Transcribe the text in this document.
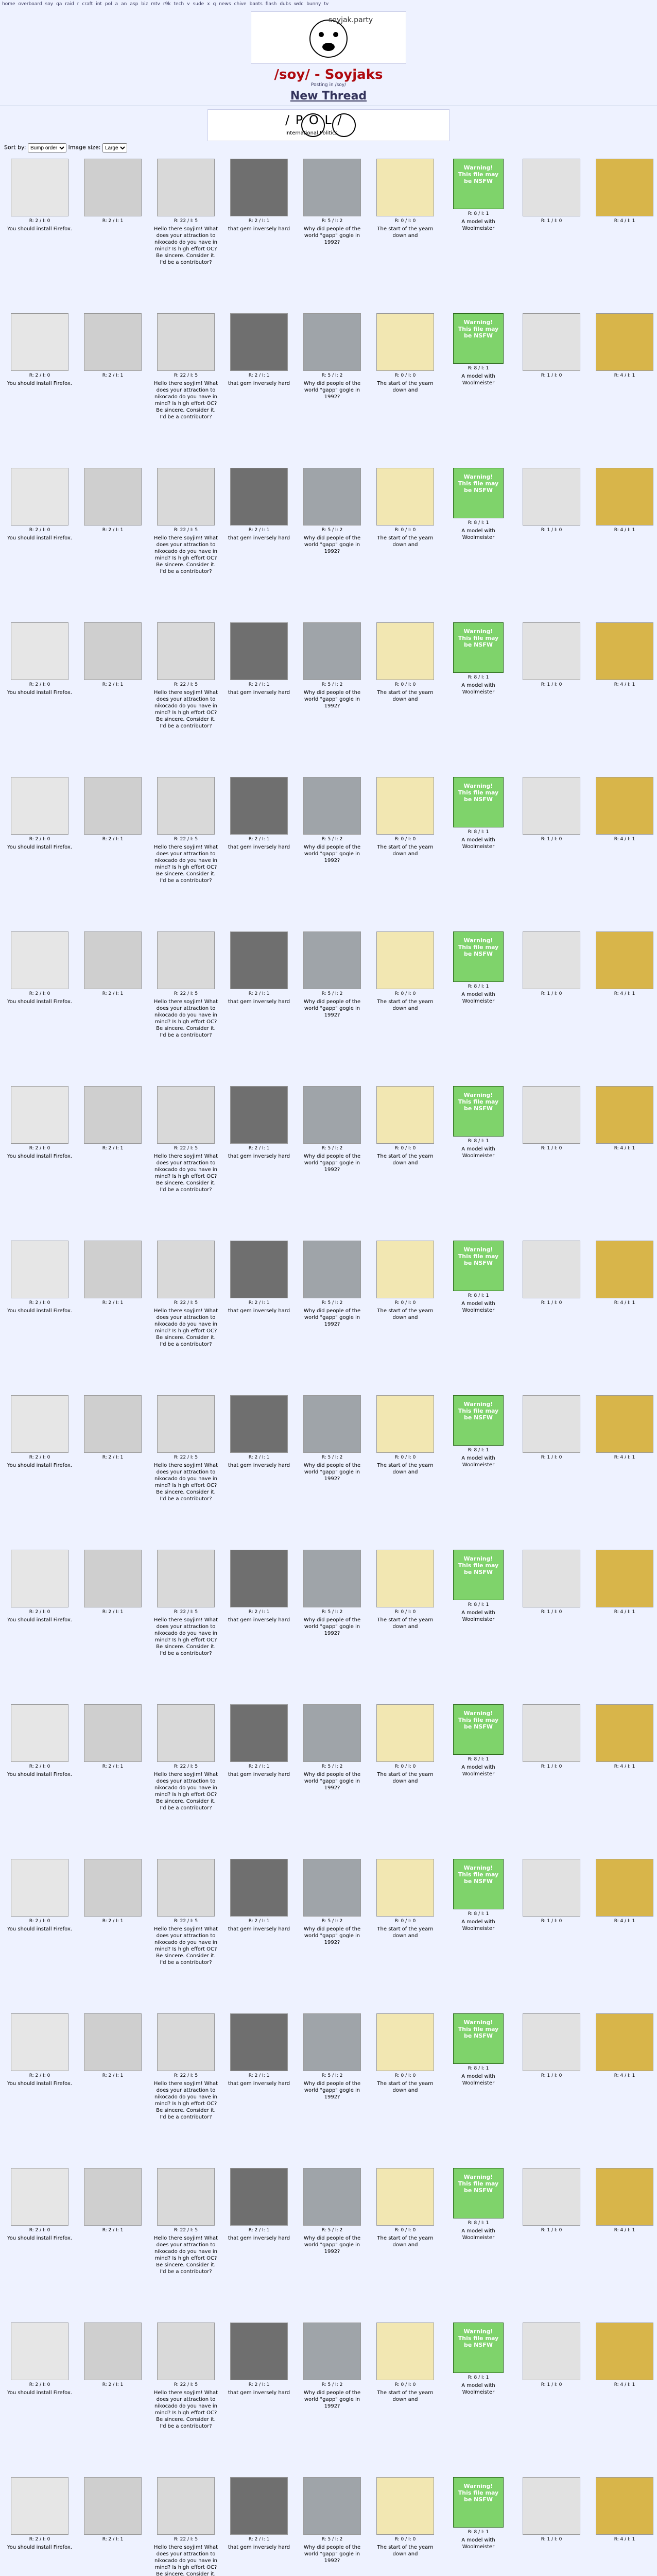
home overboard soy qa raid r craft int pol a an asp biz mtv r9k tech v sude x q news chive bants fiash dubs wdc bunny tv
soyjak.party
/soy/ - Soyjaks
Posting in /soy/
New Thread
/ P O L /
International Politics
Sort by:
Bump order	Image size:
Large
R: 2 / I: 0
You should install Firefox.
R: 2 / I: 1	R: 22 / I: 5
Hello there soyjim! What does your attraction to nikocado do you have in mind? Is high effort OC? Be sincere. Consider it. I'd be a contributor?
R: 2 / I: 1
that gem inversely hard
R: 5 / I: 2
Why did people of the world "gapp" gogle in 1992?
R: 0 / I: 0
The start of the yearn down and
Warning!
This file may be NSFW
R: 8 / I: 1
A model with Woolmeister
R: 1 / I: 0	R: 4 / I: 1
R: 2 / I: 0
You should install Firefox.
R: 2 / I: 1	R: 22 / I: 5
Hello there soyjim! What does your attraction to nikocado do you have in mind? Is high effort OC? Be sincere. Consider it. I'd be a contributor?
R: 2 / I: 1
that gem inversely hard
R: 5 / I: 2
Why did people of the world "gapp" gogle in 1992?
R: 0 / I: 0
The start of the yearn down and
Warning!
This file may be NSFW
R: 8 / I: 1
A model with Woolmeister
R: 1 / I: 0	R: 4 / I: 1
R: 2 / I: 0
You should install Firefox.
R: 2 / I: 1	R: 22 / I: 5
Hello there soyjim! What does your attraction to nikocado do you have in mind? Is high effort OC? Be sincere. Consider it. I'd be a contributor?
R: 2 / I: 1
that gem inversely hard
R: 5 / I: 2
Why did people of the world "gapp" gogle in 1992?
R: 0 / I: 0
The start of the yearn down and
Warning!
This file may be NSFW
R: 8 / I: 1
A model with Woolmeister
R: 1 / I: 0	R: 4 / I: 1
R: 2 / I: 0
You should install Firefox.
R: 2 / I: 1	R: 22 / I: 5
Hello there soyjim! What does your attraction to nikocado do you have in mind? Is high effort OC? Be sincere. Consider it. I'd be a contributor?
R: 2 / I: 1
that gem inversely hard
R: 5 / I: 2
Why did people of the world "gapp" gogle in 1992?
R: 0 / I: 0
The start of the yearn down and
Warning!
This file may be NSFW
R: 8 / I: 1
A model with Woolmeister
R: 1 / I: 0	R: 4 / I: 1
R: 2 / I: 0
You should install Firefox.
R: 2 / I: 1	R: 22 / I: 5
Hello there soyjim! What does your attraction to nikocado do you have in mind? Is high effort OC? Be sincere. Consider it. I'd be a contributor?
R: 2 / I: 1
that gem inversely hard
R: 5 / I: 2
Why did people of the world "gapp" gogle in 1992?
R: 0 / I: 0
The start of the yearn down and
Warning!
This file may be NSFW
R: 8 / I: 1
A model with Woolmeister
R: 1 / I: 0	R: 4 / I: 1
R: 2 / I: 0
You should install Firefox.
R: 2 / I: 1	R: 22 / I: 5
Hello there soyjim! What does your attraction to nikocado do you have in mind? Is high effort OC? Be sincere. Consider it. I'd be a contributor?
R: 2 / I: 1
that gem inversely hard
R: 5 / I: 2
Why did people of the world "gapp" gogle in 1992?
R: 0 / I: 0
The start of the yearn down and
Warning!
This file may be NSFW
R: 8 / I: 1
A model with Woolmeister
R: 1 / I: 0	R: 4 / I: 1
R: 2 / I: 0
You should install Firefox.
R: 2 / I: 1	R: 22 / I: 5
Hello there soyjim! What does your attraction to nikocado do you have in mind? Is high effort OC? Be sincere. Consider it. I'd be a contributor?
R: 2 / I: 1
that gem inversely hard
R: 5 / I: 2
Why did people of the world "gapp" gogle in 1992?
R: 0 / I: 0
The start of the yearn down and
Warning!
This file may be NSFW
R: 8 / I: 1
A model with Woolmeister
R: 1 / I: 0	R: 4 / I: 1
R: 2 / I: 0
You should install Firefox.
R: 2 / I: 1	R: 22 / I: 5
Hello there soyjim! What does your attraction to nikocado do you have in mind? Is high effort OC? Be sincere. Consider it. I'd be a contributor?
R: 2 / I: 1
that gem inversely hard
R: 5 / I: 2
Why did people of the world "gapp" gogle in 1992?
R: 0 / I: 0
The start of the yearn down and
Warning!
This file may be NSFW
R: 8 / I: 1
A model with Woolmeister
R: 1 / I: 0	R: 4 / I: 1
R: 2 / I: 0
You should install Firefox.
R: 2 / I: 1	R: 22 / I: 5
Hello there soyjim! What does your attraction to nikocado do you have in mind? Is high effort OC? Be sincere. Consider it. I'd be a contributor?
R: 2 / I: 1
that gem inversely hard
R: 5 / I: 2
Why did people of the world "gapp" gogle in 1992?
R: 0 / I: 0
The start of the yearn down and
Warning!
This file may be NSFW
R: 8 / I: 1
A model with Woolmeister
R: 1 / I: 0	R: 4 / I: 1
R: 2 / I: 0
You should install Firefox.
R: 2 / I: 1	R: 22 / I: 5
Hello there soyjim! What does your attraction to nikocado do you have in mind? Is high effort OC? Be sincere. Consider it. I'd be a contributor?
R: 2 / I: 1
that gem inversely hard
R: 5 / I: 2
Why did people of the world "gapp" gogle in 1992?
R: 0 / I: 0
The start of the yearn down and
Warning!
This file may be NSFW
R: 8 / I: 1
A model with Woolmeister
R: 1 / I: 0	R: 4 / I: 1
R: 2 / I: 0
You should install Firefox.
R: 2 / I: 1	R: 22 / I: 5
Hello there soyjim! What does your attraction to nikocado do you have in mind? Is high effort OC? Be sincere. Consider it. I'd be a contributor?
R: 2 / I: 1
that gem inversely hard
R: 5 / I: 2
Why did people of the world "gapp" gogle in 1992?
R: 0 / I: 0
The start of the yearn down and
Warning!
This file may be NSFW
R: 8 / I: 1
A model with Woolmeister
R: 1 / I: 0	R: 4 / I: 1
R: 2 / I: 0
You should install Firefox.
R: 2 / I: 1	R: 22 / I: 5
Hello there soyjim! What does your attraction to nikocado do you have in mind? Is high effort OC? Be sincere. Consider it. I'd be a contributor?
R: 2 / I: 1
that gem inversely hard
R: 5 / I: 2
Why did people of the world "gapp" gogle in 1992?
R: 0 / I: 0
The start of the yearn down and
Warning!
This file may be NSFW
R: 8 / I: 1
A model with Woolmeister
R: 1 / I: 0	R: 4 / I: 1
R: 2 / I: 0
You should install Firefox.
R: 2 / I: 1	R: 22 / I: 5
Hello there soyjim! What does your attraction to nikocado do you have in mind? Is high effort OC? Be sincere. Consider it. I'd be a contributor?
R: 2 / I: 1
that gem inversely hard
R: 5 / I: 2
Why did people of the world "gapp" gogle in 1992?
R: 0 / I: 0
The start of the yearn down and
Warning!
This file may be NSFW
R: 8 / I: 1
A model with Woolmeister
R: 1 / I: 0	R: 4 / I: 1
R: 2 / I: 0
You should install Firefox.
R: 2 / I: 1	R: 22 / I: 5
Hello there soyjim! What does your attraction to nikocado do you have in mind? Is high effort OC? Be sincere. Consider it. I'd be a contributor?
R: 2 / I: 1
that gem inversely hard
R: 5 / I: 2
Why did people of the world "gapp" gogle in 1992?
R: 0 / I: 0
The start of the yearn down and
Warning!
This file may be NSFW
R: 8 / I: 1
A model with Woolmeister
R: 1 / I: 0	R: 4 / I: 1
R: 2 / I: 0
You should install Firefox.
R: 2 / I: 1	R: 22 / I: 5
Hello there soyjim! What does your attraction to nikocado do you have in mind? Is high effort OC? Be sincere. Consider it. I'd be a contributor?
R: 2 / I: 1
that gem inversely hard
R: 5 / I: 2
Why did people of the world "gapp" gogle in 1992?
R: 0 / I: 0
The start of the yearn down and
Warning!
This file may be NSFW
R: 8 / I: 1
A model with Woolmeister
R: 1 / I: 0	R: 4 / I: 1
R: 2 / I: 0
You should install Firefox.
R: 2 / I: 1	R: 22 / I: 5
Hello there soyjim! What does your attraction to nikocado do you have in mind? Is high effort OC? Be sincere. Consider it.
R: 2 / I: 1
that gem inversely hard
R: 5 / I: 2
Why did people of the world "gapp" gogle in 1992?
R: 0 / I: 0
The start of the yearn down and
Warning!
This file may be NSFW
R: 8 / I: 1
A model with Woolmeister
R: 1 / I: 0	R: 4 / I: 1
